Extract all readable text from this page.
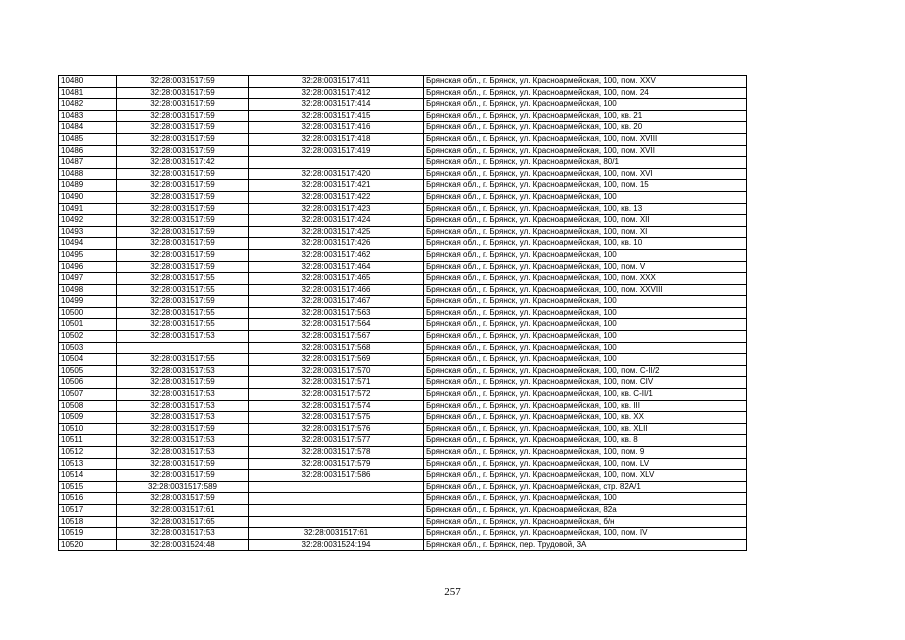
10480	32:28:0031517:59	32:28:0031517:411	Брянская обл., г. Брянск, ул. Красноармейская, 100, пом. XXV
10481	32:28:0031517:59	32:28:0031517:412	Брянская обл., г. Брянск, ул. Красноармейская, 100, пом. 24
10482	32:28:0031517:59	32:28:0031517:414	Брянская обл., г. Брянск, ул. Красноармейская, 100
10483	32:28:0031517:59	32:28:0031517:415	Брянская обл., г. Брянск, ул. Красноармейская, 100, кв. 21
10484	32:28:0031517:59	32:28:0031517:416	Брянская обл., г. Брянск, ул. Красноармейская, 100, кв. 20
10485	32:28:0031517:59	32:28:0031517:418	Брянская обл., г. Брянск, ул. Красноармейская, 100, пом. XVIII
10486	32:28:0031517:59	32:28:0031517:419	Брянская обл., г. Брянск, ул. Красноармейская, 100, пом. XVII
10487	32:28:0031517:42		Брянская обл., г. Брянск, ул. Красноармейская, 80/1
10488	32:28:0031517:59	32:28:0031517:420	Брянская обл., г. Брянск, ул. Красноармейская, 100, пом. XVI
10489	32:28:0031517:59	32:28:0031517:421	Брянская обл., г. Брянск, ул. Красноармейская, 100, пом. 15
10490	32:28:0031517:59	32:28:0031517:422	Брянская обл., г. Брянск, ул. Красноармейская, 100
10491	32:28:0031517:59	32:28:0031517:423	Брянская обл., г. Брянск, ул. Красноармейская, 100, кв. 13
10492	32:28:0031517:59	32:28:0031517:424	Брянская обл., г. Брянск, ул. Красноармейская, 100, пом. XII
10493	32:28:0031517:59	32:28:0031517:425	Брянская обл., г. Брянск, ул. Красноармейская, 100, пом. XI
10494	32:28:0031517:59	32:28:0031517:426	Брянская обл., г. Брянск, ул. Красноармейская, 100, кв. 10
10495	32:28:0031517:59	32:28:0031517:462	Брянская обл., г. Брянск, ул. Красноармейская, 100
10496	32:28:0031517:59	32:28:0031517:464	Брянская обл., г. Брянск, ул. Красноармейская, 100, пом. V
10497	32:28:0031517:55	32:28:0031517:465	Брянская обл., г. Брянск, ул. Красноармейская, 100, пом. XXX
10498	32:28:0031517:55	32:28:0031517:466	Брянская обл., г. Брянск, ул. Красноармейская, 100, пом. XXVIII
10499	32:28:0031517:59	32:28:0031517:467	Брянская обл., г. Брянск, ул. Красноармейская, 100
10500	32:28:0031517:55	32:28:0031517:563	Брянская обл., г. Брянск, ул. Красноармейская, 100
10501	32:28:0031517:55	32:28:0031517:564	Брянская обл., г. Брянск, ул. Красноармейская, 100
10502	32:28:0031517:53	32:28:0031517:567	Брянская обл., г. Брянск, ул. Красноармейская, 100
10503		32:28:0031517:568	Брянская обл., г. Брянск, ул. Красноармейская, 100
10504	32:28:0031517:55	32:28:0031517:569	Брянская обл., г. Брянск, ул. Красноармейская, 100
10505	32:28:0031517:53	32:28:0031517:570	Брянская обл., г. Брянск, ул. Красноармейская, 100, пом. С-II/2
10506	32:28:0031517:59	32:28:0031517:571	Брянская обл., г. Брянск, ул. Красноармейская, 100, пом. CIV
10507	32:28:0031517:53	32:28:0031517:572	Брянская обл., г. Брянск, ул. Красноармейская, 100, кв. С-II/1
10508	32:28:0031517:53	32:28:0031517:574	Брянская обл., г. Брянск, ул. Красноармейская, 100, кв. III
10509	32:28:0031517:53	32:28:0031517:575	Брянская обл., г. Брянск, ул. Красноармейская, 100, кв. XX
10510	32:28:0031517:59	32:28:0031517:576	Брянская обл., г. Брянск, ул. Красноармейская, 100, кв. XLII
10511	32:28:0031517:53	32:28:0031517:577	Брянская обл., г. Брянск, ул. Красноармейская, 100, кв. 8
10512	32:28:0031517:53	32:28:0031517:578	Брянская обл., г. Брянск, ул. Красноармейская, 100, пом. 9
10513	32:28:0031517:59	32:28:0031517:579	Брянская обл., г. Брянск, ул. Красноармейская, 100, пом. LV
10514	32:28:0031517:59	32:28:0031517:586	Брянская обл., г. Брянск, ул. Красноармейская, 100, пом. XLV
10515	32:28:0031517:589		Брянская обл., г. Брянск, ул. Красноармейская, стр. 82А/1
10516	32:28:0031517:59		Брянская обл., г. Брянск, ул. Красноармейская, 100
10517	32:28:0031517:61		Брянская обл., г. Брянск, ул. Красноармейская, 82а
10518	32:28:0031517:65		Брянская обл., г. Брянск, ул. Красноармейская, б/н
10519	32:28:0031517:53	32:28:0031517:61	Брянская обл., г. Брянск, ул. Красноармейская, 100, пом. IV
10520	32:28:0031524:48	32:28:0031524:194	Брянская обл., г. Брянск, пер. Трудовой, 3А
257
